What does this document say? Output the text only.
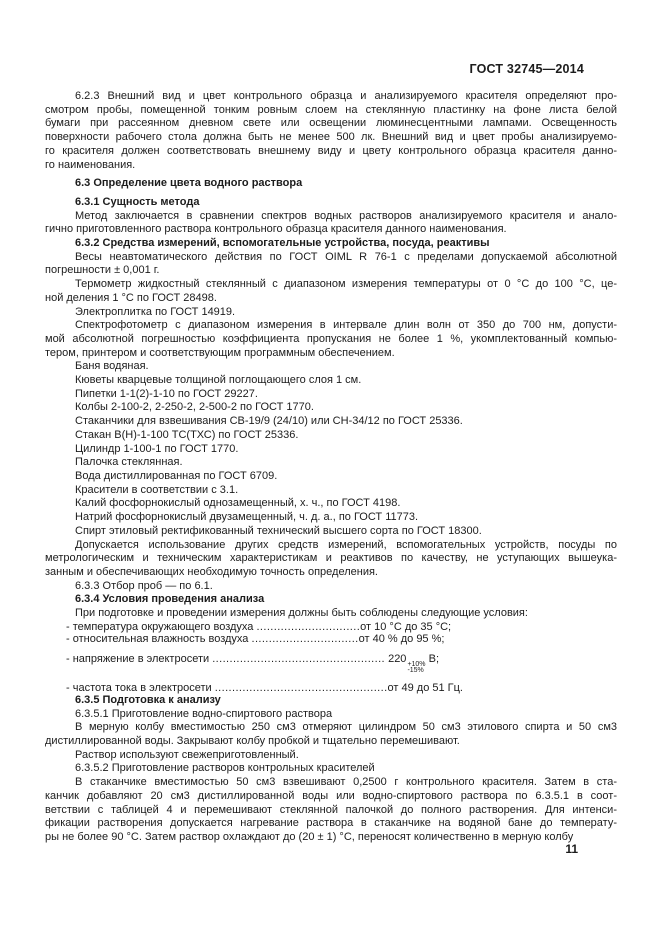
ГОСТ 32745—2014
6.2.3 Внешний вид и цвет контрольного образца и анализируемого красителя определяют про-
смотром пробы, помещенной тонким ровным слоем на стеклянную пластинку на фоне листа белой
бумаги при рассеянном дневном свете или освещении люминесцентными лампами. Освещенность
поверхности рабочего стола должна быть не менее 500 лк. Внешний вид и цвет пробы анализируемо-
го красителя должен соответствовать внешнему виду и цвету контрольного образца красителя данно-
го наименования.
6.3 Определение цвета водного раствора
6.3.1 Сущность метода
Метод заключается в сравнении спектров водных растворов анализируемого красителя и анало-
гично приготовленного раствора контрольного образца красителя данного наименования.
6.3.2 Средства измерений, вспомогательные устройства, посуда, реактивы
Весы неавтоматического действия по ГОСТ OIML R 76-1 с пределами допускаемой абсолютной
погрешности ± 0,001 г.
Термометр жидкостный стеклянный с диапазоном измерения температуры от 0 °С до 100 °С, це-
ной деления 1 °С по ГОСТ 28498.
Электроплитка по ГОСТ 14919.
Спектрофотометр с диапазоном измерения в интервале длин волн от 350 до 700 нм, допусти-
мой абсолютной погрешностью коэффициента пропускания не более 1 %, укомплектованный компью-
тером, принтером и соответствующим программным обеспечением.
Баня водяная.
Кюветы кварцевые толщиной поглощающего слоя 1 см.
Пипетки 1-1(2)-1-10 по ГОСТ 29227.
Колбы 2-100-2, 2-250-2, 2-500-2 по ГОСТ 1770.
Стаканчики для взвешивания СВ-19/9 (24/10) или СН-34/12 по ГОСТ 25336.
Стакан В(Н)-1-100 ТС(ТХС) по ГОСТ 25336.
Цилиндр 1-100-1 по ГОСТ 1770.
Палочка стеклянная.
Вода дистиллированная по ГОСТ 6709.
Красители в соответствии с 3.1.
Калий фосфорнокислый однозамещенный, х. ч., по ГОСТ 4198.
Натрий фосфорнокислый двузамещенный, ч. д. а., по ГОСТ 11773.
Спирт этиловый ректификованный технический высшего сорта по ГОСТ 18300.
Допускается использование других средств измерений, вспомогательных устройств, посуды по
метрологическим и техническим характеристикам и реактивов по качеству, не уступающих вышеука-
занным и обеспечивающих необходимую точность определения.
6.3.3 Отбор проб — по 6.1.
6.3.4 Условия проведения анализа
При подготовке и проведении измерения должны быть соблюдены следующие условия:
- температура окружающего воздуха ..............................от 10 °С до 35 °С;
- относительная влажность воздуха ...............................от 40 % до 95 %;
- напряжение в электросети .................................................. 220 +10%
-15%
В;
- частота тока в электросети ..................................................от 49 до 51 Гц.
6.3.5 Подготовка к анализу
6.3.5.1 Приготовление водно-спиртового раствора
В мерную колбу вместимостью 250 см3 отмеряют цилиндром 50 см3 этилового спирта и 50 см3
дистиллированной воды. Закрывают колбу пробкой и тщательно перемешивают.
Раствор используют свежеприготовленный.
6.3.5.2 Приготовление растворов контрольных красителей
В стаканчике вместимостью 50 см3 взвешивают 0,2500 г контрольного красителя. Затем в ста-
канчик добавляют 20 см3 дистиллированной воды или водно-спиртового раствора по 6.3.5.1 в соот-
ветствии с таблицей 4 и перемешивают стеклянной палочкой до полного растворения. Для интенси-
фикации растворения допускается нагревание раствора в стаканчике на водяной бане до температу-
ры не более 90 °С. Затем раствор охлаждают до (20 ± 1) °С, переносят количественно в мерную колбу
11
